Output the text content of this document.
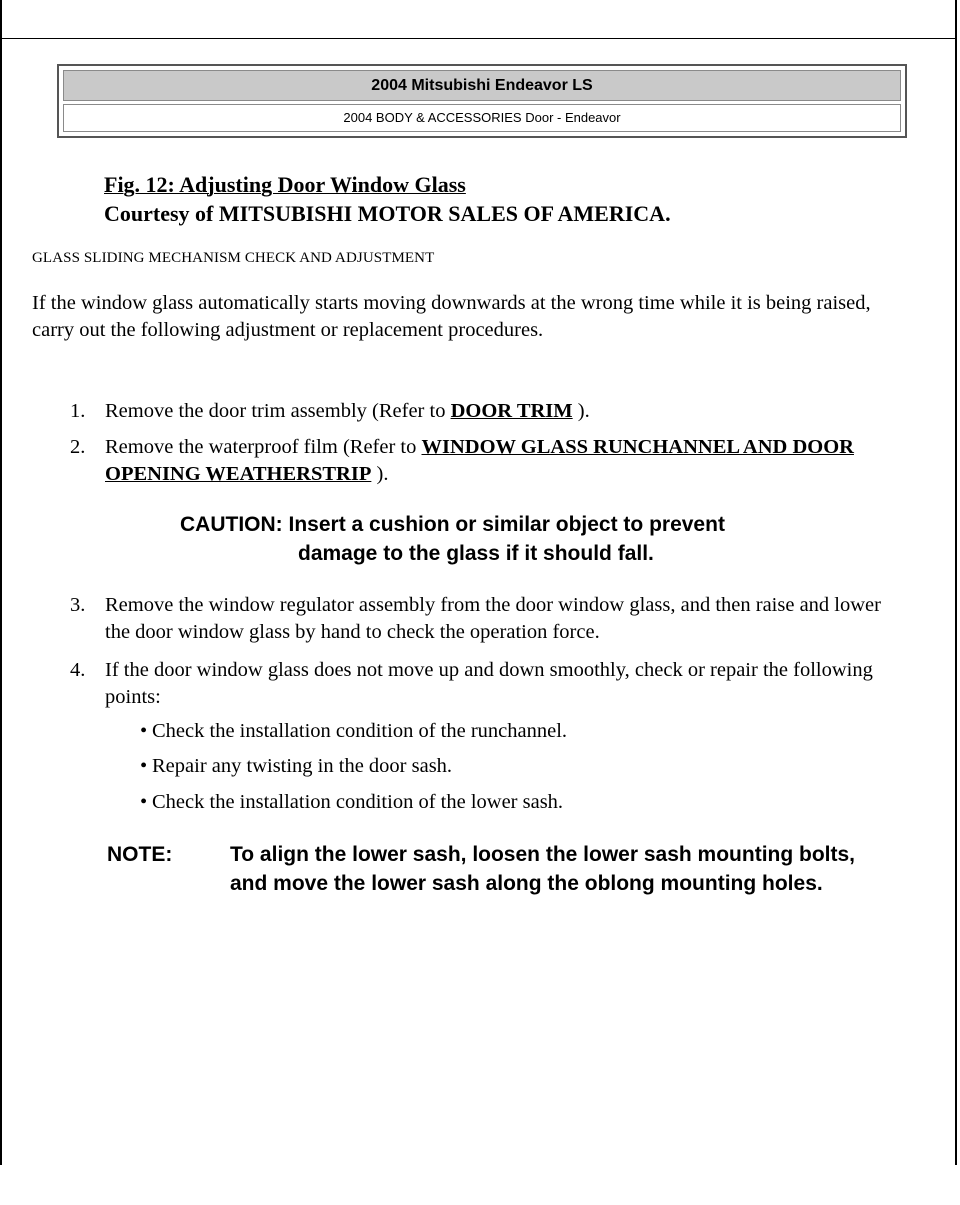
2004 Mitsubishi Endeavor LS
2004 BODY & ACCESSORIES Door - Endeavor
Fig. 12: Adjusting Door Window Glass
Courtesy of MITSUBISHI MOTOR SALES OF AMERICA.
GLASS SLIDING MECHANISM CHECK AND ADJUSTMENT
If the window glass automatically starts moving downwards at the wrong time while it is being raised, carry out the following adjustment or replacement procedures.
1. Remove the door trim assembly (Refer to DOOR TRIM ).
2. Remove the waterproof film (Refer to WINDOW GLASS RUNCHANNEL AND DOOR OPENING WEATHERSTRIP ).
CAUTION: Insert a cushion or similar object to prevent
damage to the glass if it should fall.
3. Remove the window regulator assembly from the door window glass, and then raise and lower the door window glass by hand to check the operation force.
4. If the door window glass does not move up and down smoothly, check or repair the following points:
• Check the installation condition of the runchannel.
• Repair any twisting in the door sash.
• Check the installation condition of the lower sash.
NOTE:	To align the lower sash, loosen the lower sash mounting bolts, and move the lower sash along the oblong mounting holes.
